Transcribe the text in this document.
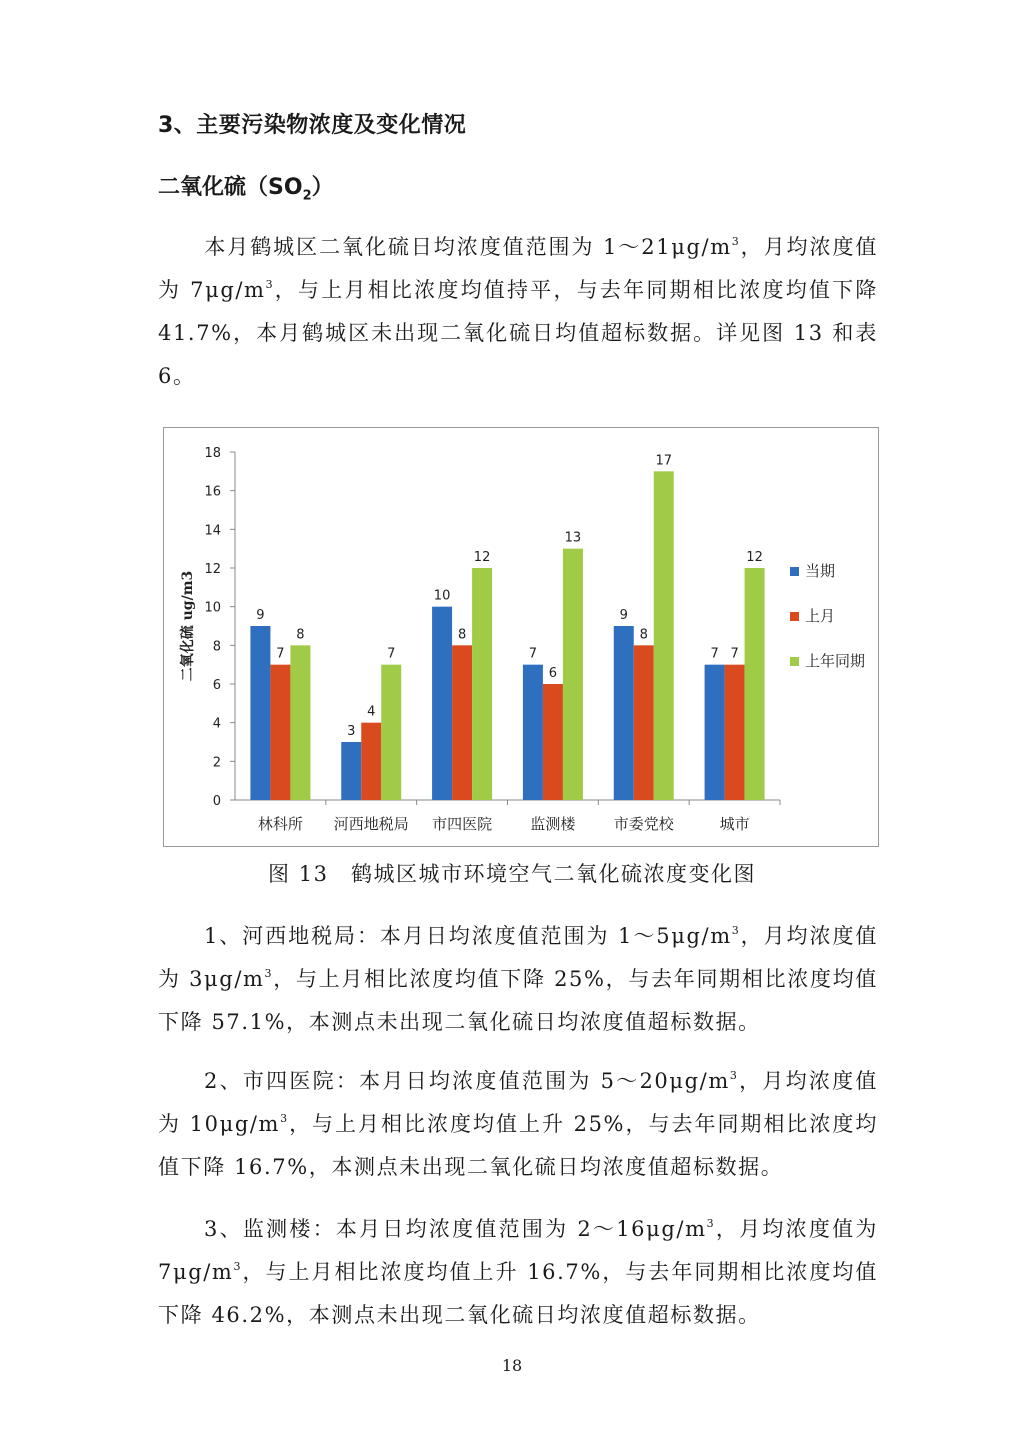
3、主要污染物浓度及变化情况
二氧化硫$(SO_2)$

本月鹤城区二氧化硫日均浓度值范围为 $1\sim 21\mu g/m^3$，月均浓度值为 $7\mu g/m^3$，与上月相比浓度均值持平，与去年同期相比浓度均值下降 41.7%，本月鹤城区未出现二氧化硫日均值超标数据。详见图 13 和表 6。

0
2
4
6
8
10
12
14
16
18
二氧化硫 ug/m3	9
7
8
林科所
3
4
7
河西地税局
10
8
12
市四医院
7
6
13
监测楼
9
8
17
市委党校
7 7
12
城市
当期
上月
上年同期
图 13　鹤城区城市环境空气二氧化硫浓度变化图

1、河西地税局：本月日均浓度值范围为 $1\sim 5\mu g/m^3$，月均浓度值为 $3\mu g/m^3$，与上月相比浓度均值下降 25%，与去年同期相比浓度均值下降 57.1%，本测点未出现二氧化硫日均浓度值超标数据。

2、市四医院：本月日均浓度值范围为 $5\sim 20\mu g/m^3$，月均浓度值为 $10\mu g/m^3$，与上月相比浓度均值上升 25%，与去年同期相比浓度均值下降 16.7%，本测点未出现二氧化硫日均浓度值超标数据。

3、监测楼：本月日均浓度值范围为 $2\sim 16\mu g/m^3$，月均浓度值为 $7\mu g/m^3$，与上月相比浓度均值上升 16.7%，与去年同期相比浓度均值下降 46.2%，本测点未出现二氧化硫日均浓度值超标数据。

18
